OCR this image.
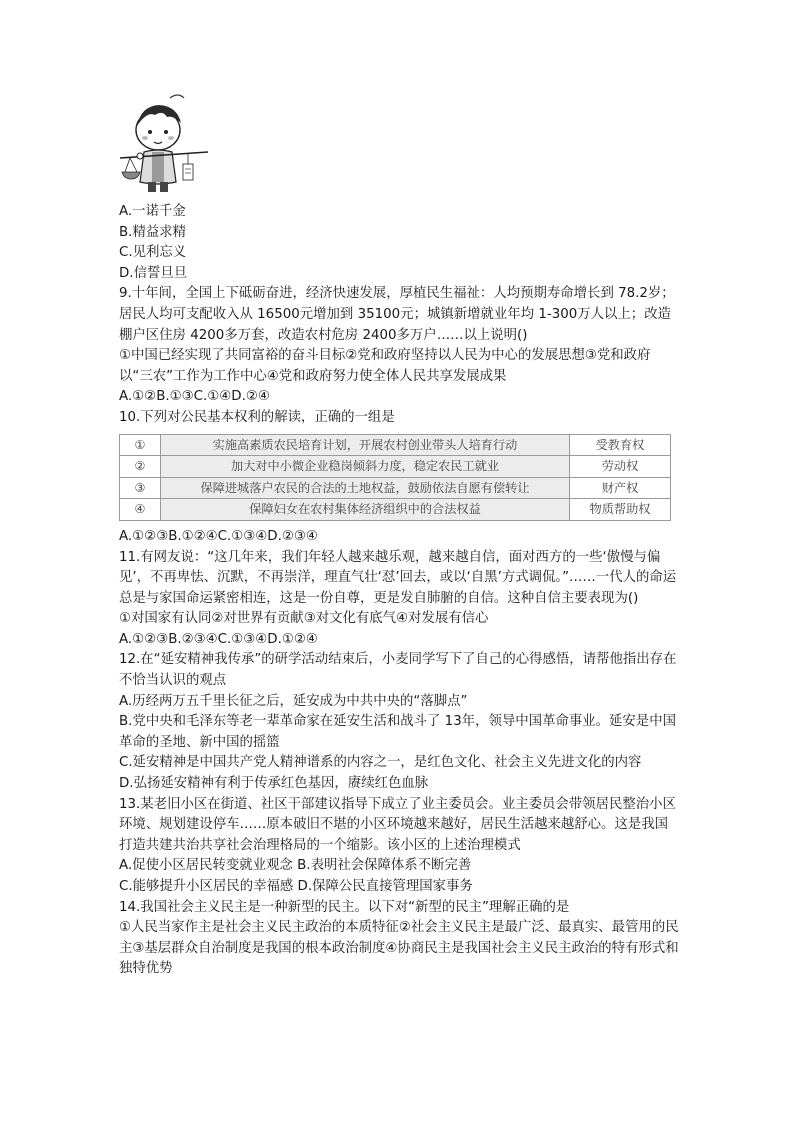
A.一诺千金
B.精益求精
C.见利忘义
D.信誓旦旦
9.十年间，全国上下砥砺奋进，经济快速发展，厚植民生福祉：人均预期寿命增长到 78.2岁；居民人均可支配收入从 16500元增加到 35100元；城镇新增就业年均 1-300万人以上；改造棚户区住房 4200多万套，改造农村危房 2400多万户……以上说明()
①中国已经实现了共同富裕的奋斗目标②党和政府坚持以人民为中心的发展思想③党和政府以“三农”工作为工作中心④党和政府努力使全体人民共享发展成果
A.①②B.①③C.①④D.②④
10.下列对公民基本权利的解读，正确的一组是
①	实施高素质农民培育计划，开展农村创业带头人培育行动	受教育权
②	加大对中小微企业稳岗倾斜力度，稳定农民工就业	劳动权
③	保障进城落户农民的合法的土地权益，鼓励依法自愿有偿转让	财产权
④	保障妇女在农村集体经济组织中的合法权益	物质帮助权
A.①②③B.①②④C.①③④D.②③④
11.有网友说：“这几年来，我们年轻人越来越乐观，越来越自信，面对西方的一些‘傲慢与偏见’，不再卑怯、沉默，不再崇洋，理直气壮‘怼’回去，或以‘自黑’方式调侃。”……一代人的命运总是与家国命运紧密相连，这是一份自尊，更是发自肺腑的自信。这种自信主要表现为()
①对国家有认同②对世界有贡献③对文化有底气④对发展有信心
A.①②③B.②③④C.①③④D.①②④
12.在“延安精神我传承”的研学活动结束后，小麦同学写下了自己的心得感悟，请帮他指出存在不恰当认识的观点
A.历经两万五千里长征之后，延安成为中共中央的“落脚点”
B.党中央和毛泽东等老一辈革命家在延安生活和战斗了 13年，领导中国革命事业。延安是中国革命的圣地、新中国的摇篮
C.延安精神是中国共产党人精神谱系的内容之一，是红色文化、社会主义先进文化的内容
D.弘扬延安精神有利于传承红色基因，赓续红色血脉
13.某老旧小区在街道、社区干部建议指导下成立了业主委员会。业主委员会带领居民整治小区环境、规划建设停车……原本破旧不堪的小区环境越来越好，居民生活越来越舒心。这是我国打造共建共治共享社会治理格局的一个缩影。该小区的上述治理模式
A.促使小区居民转变就业观念 B.表明社会保障体系不断完善
C.能够提升小区居民的幸福感 D.保障公民直接管理国家事务
14.我国社会主义民主是一种新型的民主。以下对“新型的民主”理解正确的是
①人民当家作主是社会主义民主政治的本质特征②社会主义民主是最广泛、最真实、最管用的民主③基层群众自治制度是我国的根本政治制度④协商民主是我国社会主义民主政治的特有形式和独特优势
